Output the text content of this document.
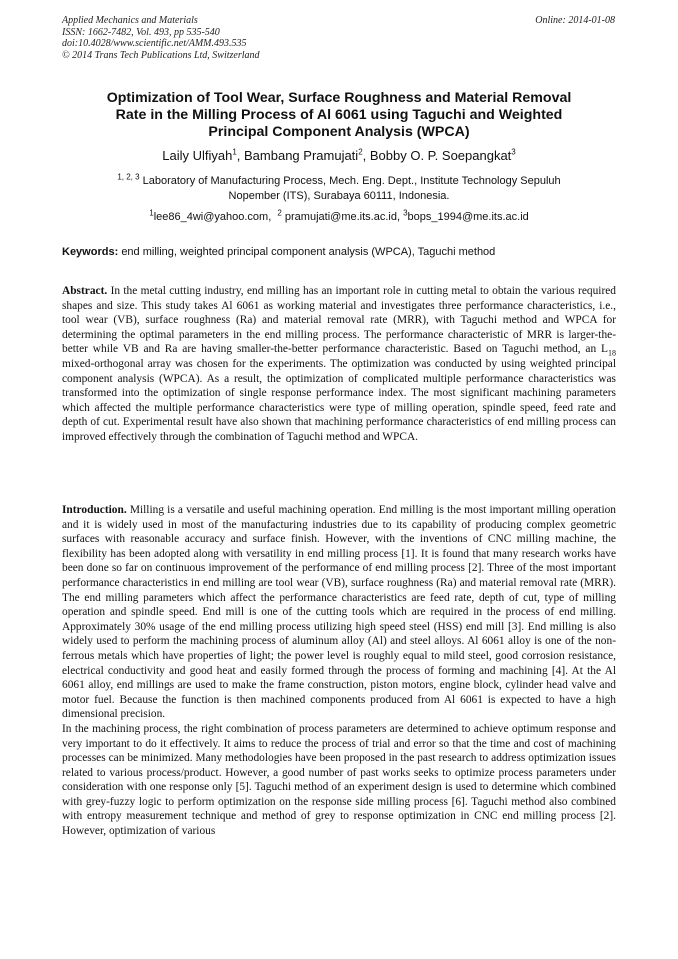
Applied Mechanics and Materials
ISSN: 1662-7482, Vol. 493, pp 535-540
doi:10.4028/www.scientific.net/AMM.493.535
© 2014 Trans Tech Publications Ltd, Switzerland
Online: 2014-01-08
Optimization of Tool Wear, Surface Roughness and Material Removal
Rate in the Milling Process of Al 6061 using Taguchi and Weighted
Principal Component Analysis (WPCA)
Laily Ulfiyah$^1$, Bambang Pramujati$^2$, Bobby O. P. Soepangkat$^3$
$^{1, 2, 3}$ Laboratory of Manufacturing Process, Mech. Eng. Dept., Institute Technology Sepuluh
Nopember (ITS), Surabaya 60111, Indonesia.
$^1$lee86_4wi@yahoo.com, $^2$ pramujati@me.its.ac.id, $^3$bops_1994@me.its.ac.id
Keywords: end milling, weighted principal component analysis (WPCA), Taguchi method

Abstract. In the metal cutting industry, end milling has an important role in cutting metal to obtain the various required shapes and size. This study takes Al 6061 as working material and investigates three performance characteristics, i.e., tool wear (VB), surface roughness (Ra) and material removal rate (MRR), with Taguchi method and WPCA for determining the optimal parameters in the end milling process. The performance characteristic of MRR is larger-the-better while VB and Ra are having smaller-the-better performance characteristic. Based on Taguchi method, an $L_{18}$ mixed-orthogonal array was chosen for the experiments. The optimization was conducted by using weighted principal component analysis (WPCA). As a result, the optimization of complicated multiple performance characteristics was transformed into the optimization of single response performance index. The most significant machining parameters which affected the multiple performance characteristics were type of milling operation, spindle speed, feed rate and depth of cut. Experimental result have also shown that machining performance characteristics of end milling process can improved effectively through the combination of Taguchi method and WPCA.

Introduction. Milling is a versatile and useful machining operation. End milling is the most important milling operation and it is widely used in most of the manufacturing industries due to its capability of producing complex geometric surfaces with reasonable accuracy and surface finish. However, with the inventions of CNC milling machine, the flexibility has been adopted along with versatility in end milling process [1]. It is found that many research works have been done so far on continuous improvement of the performance of end milling process [2]. Three of the most important performance characteristics in end milling are tool wear (VB), surface roughness (Ra) and material removal rate (MRR). The end milling parameters which affect the performance characteristics are feed rate, depth of cut, type of milling operation and spindle speed. End mill is one of the cutting tools which are required in the process of end milling. Approximately 30% usage of the end milling process utilizing high speed steel (HSS) end mill [3]. End milling is also widely used to perform the machining process of aluminum alloy (Al) and steel alloys. Al 6061 alloy is one of the non-ferrous metals which have properties of light; the power level is roughly equal to mild steel, good corrosion resistance, electrical conductivity and good heat and easily formed through the process of forming and machining [4]. At the Al 6061 alloy, end millings are used to make the frame construction, piston motors, engine block, cylinder head valve and motor fuel. Because the function is then machined components produced from Al 6061 is expected to have a high dimensional precision.

In the machining process, the right combination of process parameters are determined to achieve optimum response and very important to do it effectively. It aims to reduce the process of trial and error so that the time and cost of machining processes can be minimized. Many methodologies have been proposed in the past research to address optimization issues related to various process/product. However, a good number of past works seeks to optimize process parameters under consideration with one response only [5]. Taguchi method of an experiment design is used to determine which combined with grey-fuzzy logic to perform optimization on the response side milling process [6]. Taguchi method also combined with entropy measurement technique and method of grey to response optimization in CNC end milling process [2]. However, optimization of various
